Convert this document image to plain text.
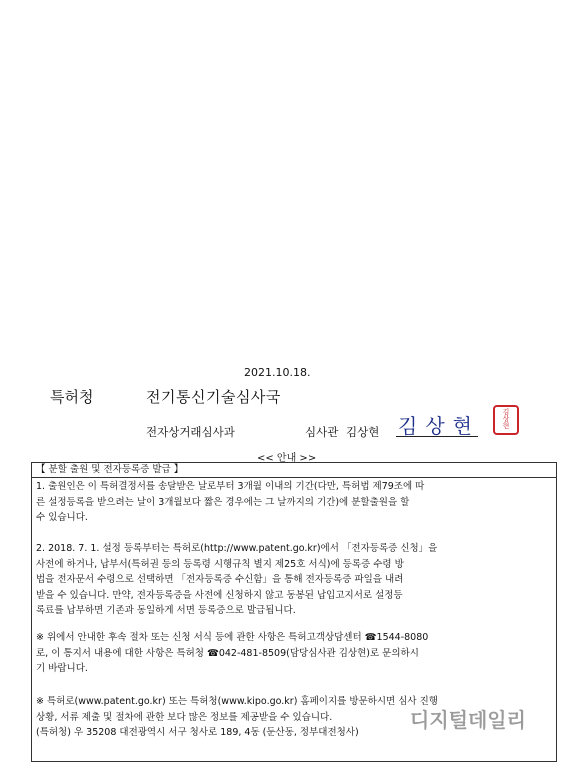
2021.10.18.
특허청	전기통신기술심사국
전자상거래심사과	심사관 김상현 김상현	김상현
<< 안내 >>
【 분할 출원 및 전자등록증 발급 】
1. 출원인은 이 특허결정서를 송달받은 날로부터 3개월 이내의 기간(다만, 특허법 제79조에 따
른 설정등록을 받으려는 날이 3개월보다 짧은 경우에는 그 날까지의 기간)에 분할출원을 할
수 있습니다.
2. 2018. 7. 1. 설정 등록부터는 특허로(http://www.patent.go.kr)에서 「전자등록증 신청」을
사전에 하거나, 납부서(특허권 등의 등록령 시행규칙 별지 제25호 서식)에 등록증 수령 방
법을 전자문서 수령으로 선택하면 「전자등록증 수신함」을 통해 전자등록증 파일을 내려
받을 수 있습니다. 만약, 전자등록증을 사전에 신청하지 않고 동봉된 납입고지서로 설정등
록료를 납부하면 기존과 동일하게 서면 등록증으로 발급됩니다.
※ 위에서 안내한 후속 절차 또는 신청 서식 등에 관한 사항은 특허고객상담센터 ☎1544-8080
로, 이 통지서 내용에 대한 사항은 특허청 ☎042-481-8509(담당심사관 김상현)로 문의하시
기 바랍니다.
※ 특허로(www.patent.go.kr) 또는 특허청(www.kipo.go.kr) 홈페이지를 방문하시면 심사 진행
상황, 서류 제출 및 절차에 관한 보다 많은 정보를 제공받을 수 있습니다.
(특허청) 우 35208 대전광역시 서구 청사로 189, 4동 (둔산동, 정부대전청사)
디지털데일리
